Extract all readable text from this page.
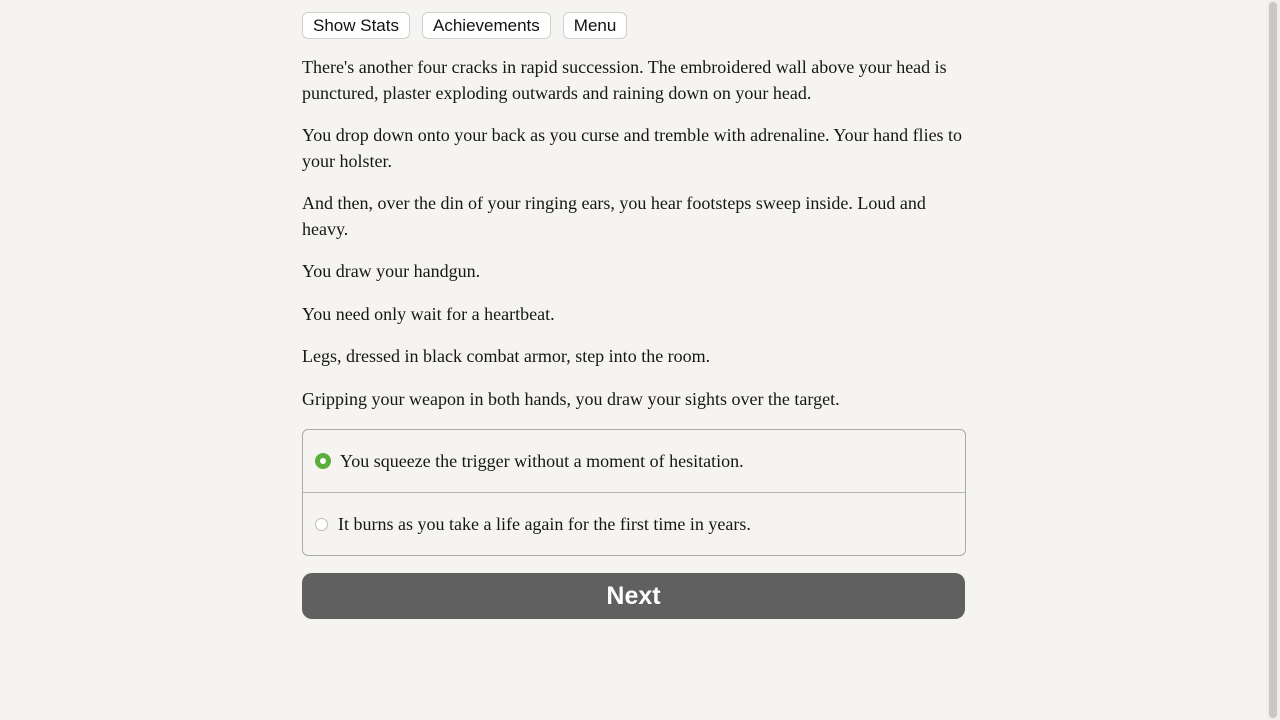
Show Stats	Achievements	Menu

There's another four cracks in rapid succession. The embroidered wall above your head is punctured, plaster exploding outwards and raining down on your head.

You drop down onto your back as you curse and tremble with adrenaline. Your hand flies to your holster.

And then, over the din of your ringing ears, you hear footsteps sweep inside. Loud and heavy.

You draw your handgun.

You need only wait for a heartbeat.

Legs, dressed in black combat armor, step into the room.

Gripping your weapon in both hands, you draw your sights over the target.

You squeeze the trigger without a moment of hesitation.
It burns as you take a life again for the first time in years.
Next
